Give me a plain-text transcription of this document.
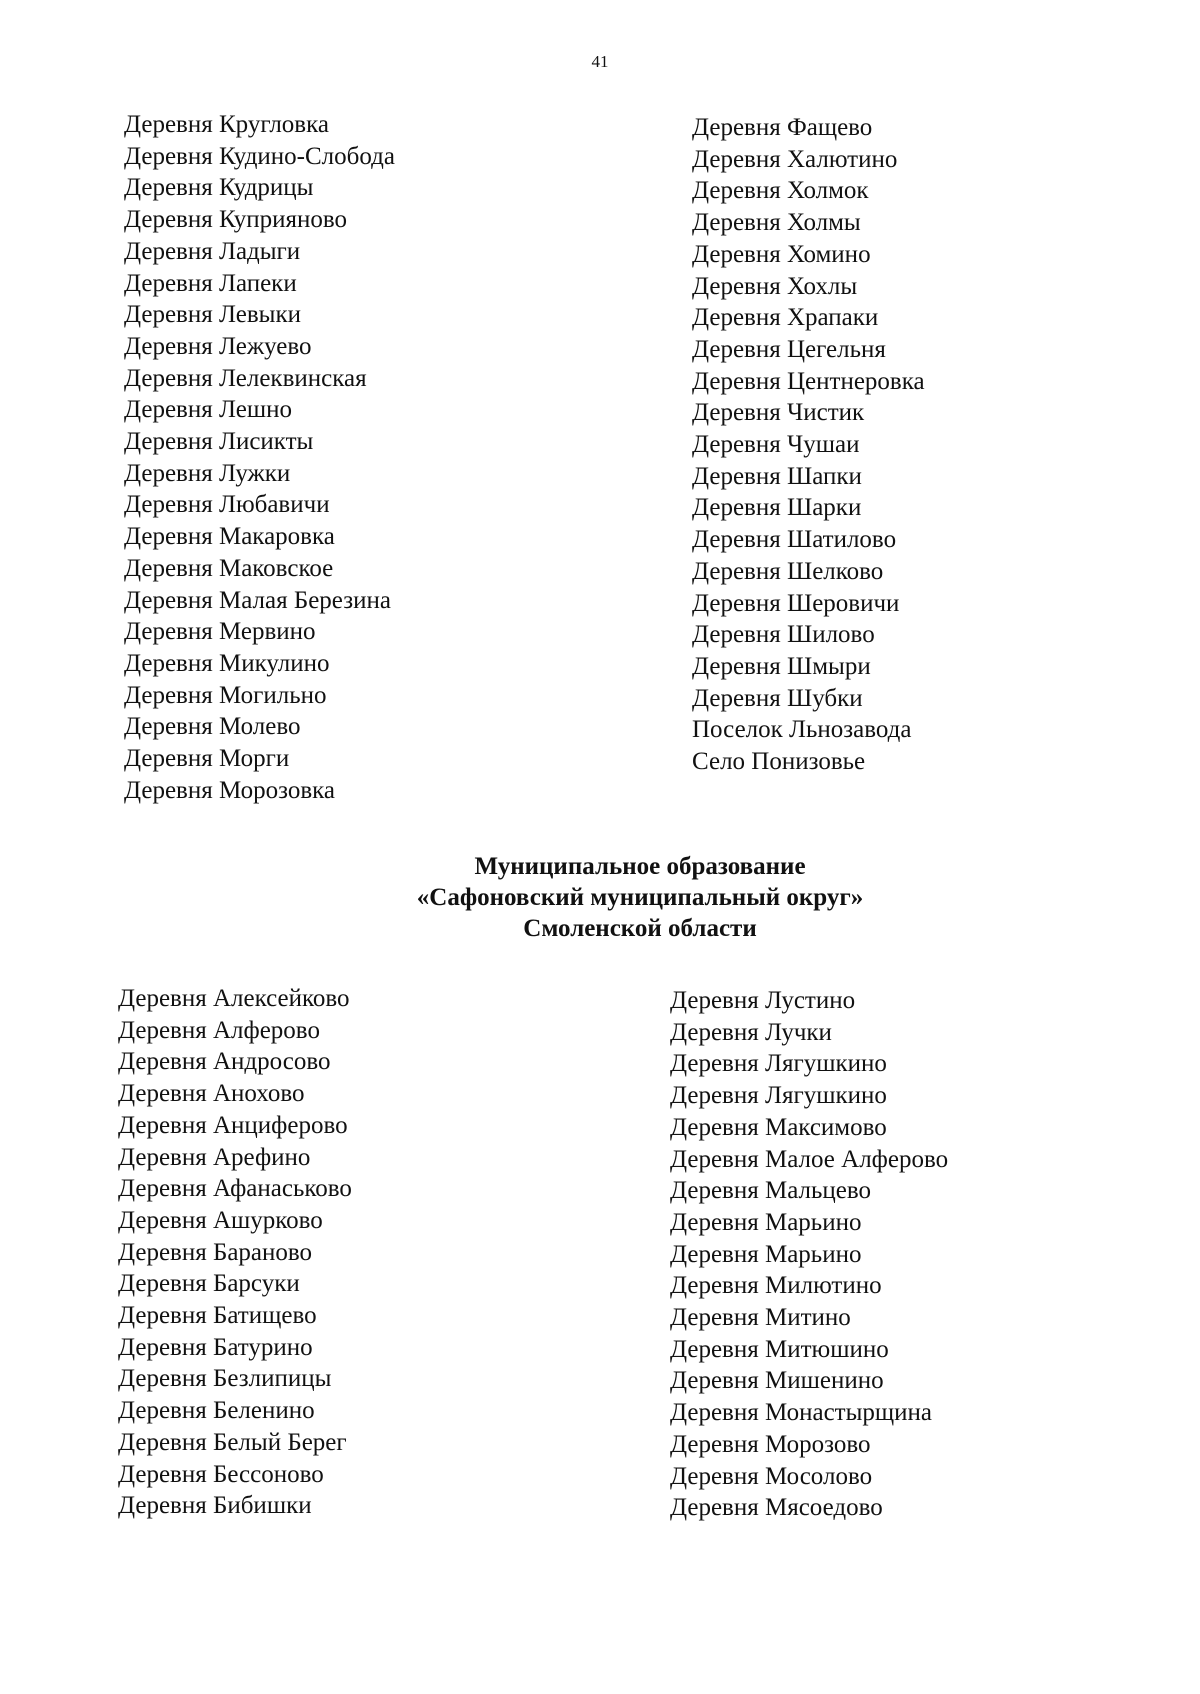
41
Деревня Кругловка
Деревня Кудино-Слобода
Деревня Кудрицы
Деревня Куприяново
Деревня Ладыги
Деревня Лапеки
Деревня Левыки
Деревня Лежуево
Деревня Лелеквинская
Деревня Лешно
Деревня Лисикты
Деревня Лужки
Деревня Любавичи
Деревня Макаровка
Деревня Маковское
Деревня Малая Березина
Деревня Мервино
Деревня Микулино
Деревня Могильно
Деревня Молево
Деревня Морги
Деревня Морозовка
Деревня Фащево
Деревня Халютино
Деревня Холмок
Деревня Холмы
Деревня Хомино
Деревня Хохлы
Деревня Храпаки
Деревня Цегельня
Деревня Центнеровка
Деревня Чистик
Деревня Чушаи
Деревня Шапки
Деревня Шарки
Деревня Шатилово
Деревня Шелково
Деревня Шеровичи
Деревня Шилово
Деревня Шмыри
Деревня Шубки
Поселок Льнозавода
Село Понизовье
Муниципальное образование
«Сафоновский муниципальный округ»
Смоленской области
Деревня Алексейково
Деревня Алферово
Деревня Андросово
Деревня Анохово
Деревня Анциферово
Деревня Арефино
Деревня Афанаськово
Деревня Ашурково
Деревня Бараново
Деревня Барсуки
Деревня Батищево
Деревня Батурино
Деревня Безлипицы
Деревня Беленино
Деревня Белый Берег
Деревня Бессоново
Деревня Бибишки
Деревня Лустино
Деревня Лучки
Деревня Лягушкино
Деревня Лягушкино
Деревня Максимово
Деревня Малое Алферово
Деревня Мальцево
Деревня Марьино
Деревня Марьино
Деревня Милютино
Деревня Митино
Деревня Митюшино
Деревня Мишенино
Деревня Монастырщина
Деревня Морозово
Деревня Мосолово
Деревня Мясоедово
